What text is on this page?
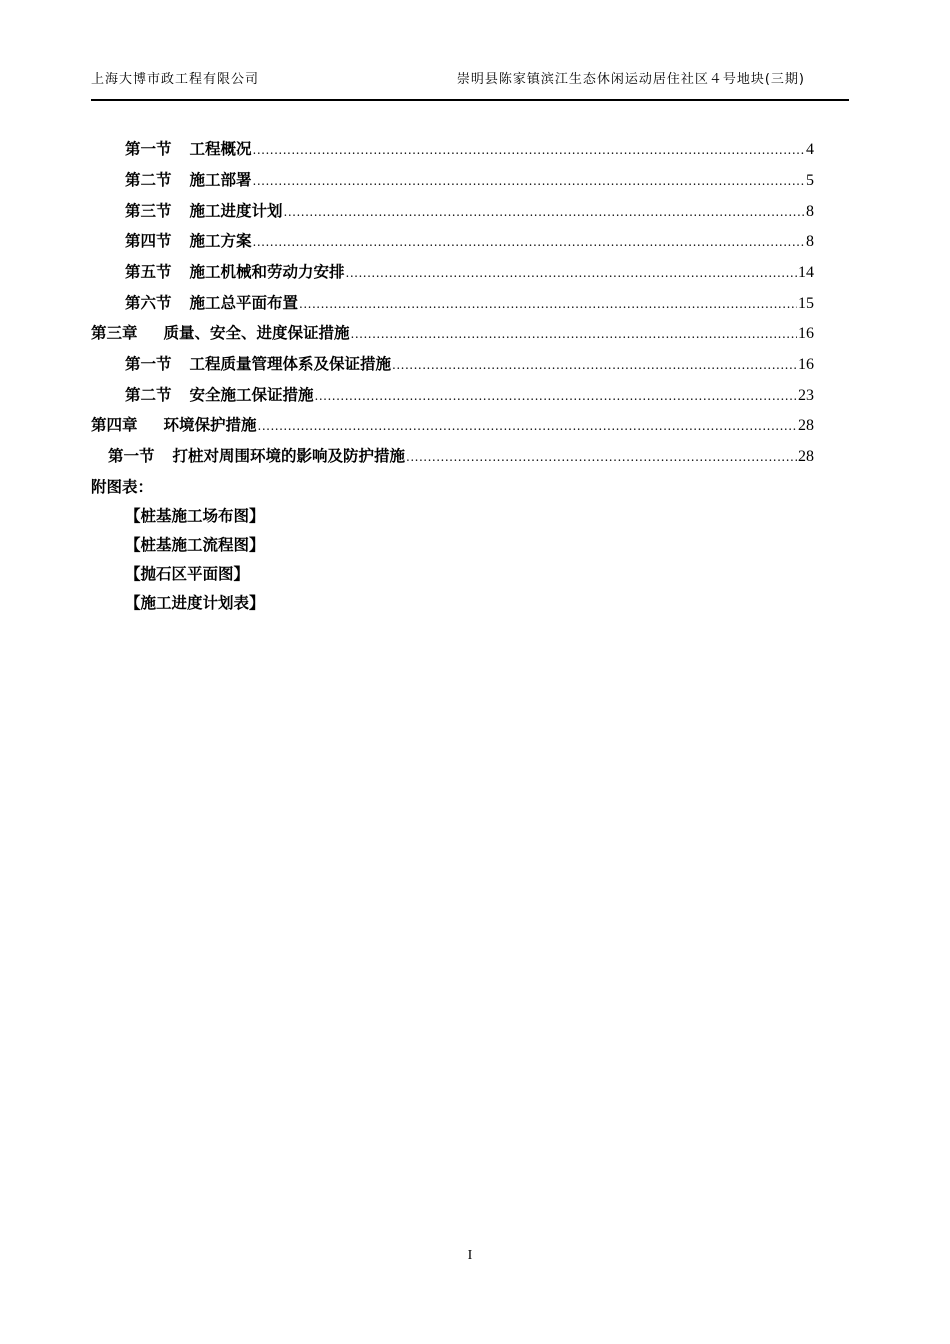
上海大博市政工程有限公司	崇明县陈家镇滨江生态休闲运动居住社区４号地块(三期)
第一节 工程概况 .....	4
第二节 施工部署 .....	5
第三节 施工进度计划 .....	8
第四节 施工方案 .....	8
第五节 施工机械和劳动力安排 .....	14
第六节 施工总平面布置 .....	15
第三章 质量、安全、进度保证措施 .....	16
第一节 工程质量管理体系及保证措施 .....	16
第二节 安全施工保证措施 .....	23
第四章 环境保护措施 .....	28
第一节 打桩对周围环境的影响及防护措施 .....	28
附图表：
【桩基施工场布图】
【桩基施工流程图】
【抛石区平面图】
【施工进度计划表】
I
